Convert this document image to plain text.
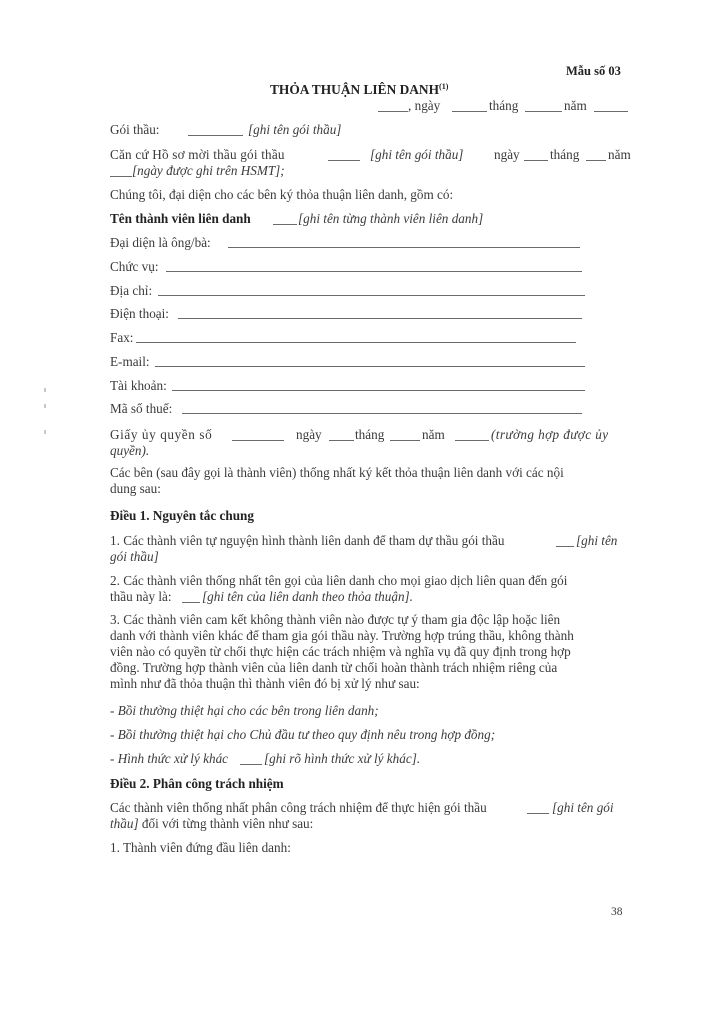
Mẫu số 03
THỎA THUẬN LIÊN DANH$^{(1)}$
, ngày	tháng	năm
Gói thầu:	[ghi tên gói thầu]
Căn cứ Hồ sơ mời thầu gói thầu	[ghi tên gói thầu] ngày tháng năm
[ngày được ghi trên HSMT];
Chúng tôi, đại diện cho các bên ký thỏa thuận liên danh, gồm có:
Tên thành viên liên danh	[ghi tên từng thành viên liên danh]
Đại diện là ông/bà:
Chức vụ:
Địa chỉ:
Điện thoại:
Fax:
E-mail:
Tài khoản:
Mã số thuế:
Giấy ủy quyền số	ngày	tháng	năm	(trường hợp được ủy
quyền).
Các bên (sau đây gọi là thành viên) thống nhất ký kết thỏa thuận liên danh với các nội
dung sau:
Điều 1. Nguyên tắc chung
1. Các thành viên tự nguyện hình thành liên danh để tham dự thầu gói thầu	[ghi tên
gói thầu]
2. Các thành viên thống nhất tên gọi của liên danh cho mọi giao dịch liên quan đến gói
thầu này là: [ghi tên của liên danh theo thỏa thuận].
3. Các thành viên cam kết không thành viên nào được tự ý tham gia độc lập hoặc liên
danh với thành viên khác để tham gia gói thầu này. Trường hợp trúng thầu, không thành
viên nào có quyền từ chối thực hiện các trách nhiệm và nghĩa vụ đã quy định trong hợp
đồng. Trường hợp thành viên của liên danh từ chối hoàn thành trách nhiệm riêng của
mình như đã thỏa thuận thì thành viên đó bị xử lý như sau:
- Bồi thường thiệt hại cho các bên trong liên danh;
- Bồi thường thiệt hại cho Chủ đầu tư theo quy định nêu trong hợp đồng;
- Hình thức xử lý khác	[ghi rõ hình thức xử lý khác].
Điều 2. Phân công trách nhiệm
Các thành viên thống nhất phân công trách nhiệm để thực hiện gói thầu	[ghi tên gói
thầu] đối với từng thành viên như sau:
1. Thành viên đứng đầu liên danh:
38
